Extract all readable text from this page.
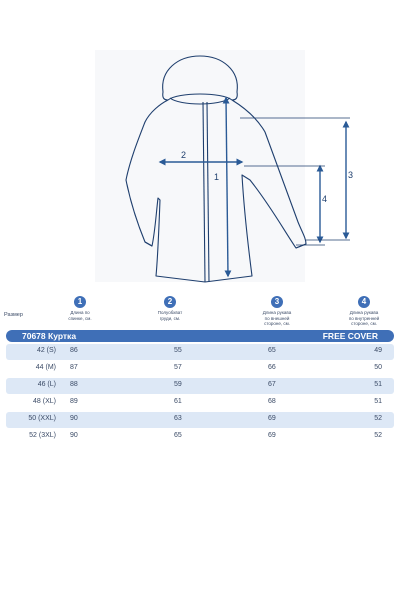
1
2
3
4
1
Длина по
спинке, см.
2
Полуобхват
груди, см.
3
Длина рукава
по внешней
стороне, см.
4
Длина рукава
по внутренней
стороне, см.
Размер
70678 Куртка	FREE COVER
42 (S) 86	55	65	49
44 (M) 87	57	66	50
46 (L) 88	59	67	51
48 (XL) 89	61	68	51
50 (XXL) 90	63	69	52
52 (3XL) 90	65	69	52
